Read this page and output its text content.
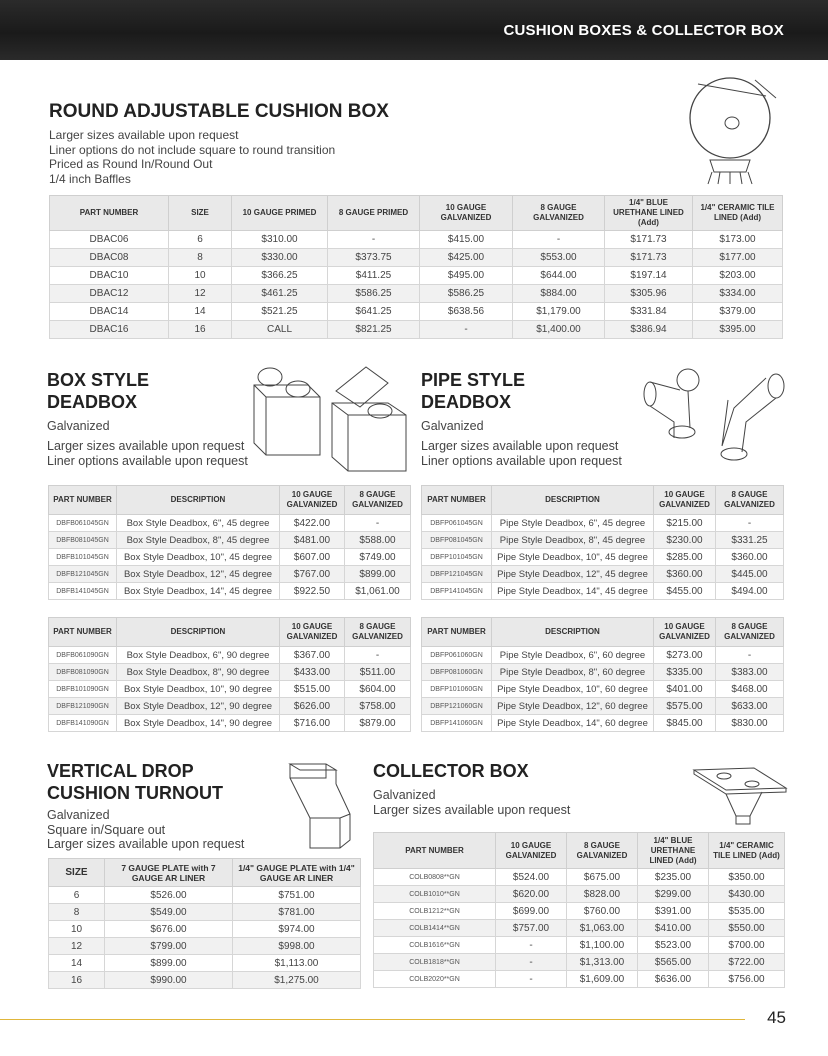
CUSHION BOXES & COLLECTOR BOX
ROUND ADJUSTABLE CUSHION BOX
Larger sizes available upon request
Liner options do not include square to round transition
Priced as Round In/Round Out
1/4 inch Baffles
PART NUMBER	SIZE	10 GAUGE PRIMED	8 GAUGE PRIMED	10 GAUGE GALVANIZED	8 GAUGE GALVANIZED	1/4" BLUE URETHANE LINED (Add)	1/4" CERAMIC TILE LINED (Add)
DBAC06	6	$310.00	-	$415.00	-	$171.73	$173.00
DBAC08	8	$330.00	$373.75	$425.00	$553.00	$171.73	$177.00
DBAC10	10	$366.25	$411.25	$495.00	$644.00	$197.14	$203.00
DBAC12	12	$461.25	$586.25	$586.25	$884.00	$305.96	$334.00
DBAC14	14	$521.25	$641.25	$638.56	$1,179.00	$331.84	$379.00
DBAC16	16	CALL	$821.25	-	$1,400.00	$386.94	$395.00
BOX STYLE
DEADBOX
Galvanized
Larger sizes available upon request
Liner options available upon request
PART NUMBER	DESCRIPTION	10 GAUGE GALVANIZED	8 GAUGE GALVANIZED
DBFB061045GN	Box Style Deadbox, 6", 45 degree	$422.00	-
DBFB081045GN	Box Style Deadbox, 8", 45 degree	$481.00	$588.00
DBFB101045GN	Box Style Deadbox, 10", 45 degree	$607.00	$749.00
DBFB121045GN	Box Style Deadbox, 12", 45 degree	$767.00	$899.00
DBFB141045GN	Box Style Deadbox, 14", 45 degree	$922.50	$1,061.00
PART NUMBER	DESCRIPTION	10 GAUGE GALVANIZED	8 GAUGE GALVANIZED
DBFB061090GN	Box Style Deadbox, 6", 90 degree	$367.00	-
DBFB081090GN	Box Style Deadbox, 8", 90 degree	$433.00	$511.00
DBFB101090GN	Box Style Deadbox, 10", 90 degree	$515.00	$604.00
DBFB121090GN	Box Style Deadbox, 12", 90 degree	$626.00	$758.00
DBFB141090GN	Box Style Deadbox, 14", 90 degree	$716.00	$879.00
PIPE STYLE
DEADBOX
Galvanized
Larger sizes available upon request
Liner options available upon request
PART NUMBER	DESCRIPTION	10 GAUGE GALVANIZED	8 GAUGE GALVANIZED
DBFP061045GN	Pipe Style Deadbox, 6", 45 degree	$215.00	-
DBFP081045GN	Pipe Style Deadbox, 8", 45 degree	$230.00	$331.25
DBFP101045GN	Pipe Style Deadbox, 10", 45 degree	$285.00	$360.00
DBFP121045GN	Pipe Style Deadbox, 12", 45 degree	$360.00	$445.00
DBFP141045GN	Pipe Style Deadbox, 14", 45 degree	$455.00	$494.00
PART NUMBER	DESCRIPTION	10 GAUGE GALVANIZED	8 GAUGE GALVANIZED
DBFP061060GN	Pipe Style Deadbox, 6", 60 degree	$273.00	-
DBFP081060GN	Pipe Style Deadbox, 8", 60 degree	$335.00	$383.00
DBFP101060GN	Pipe Style Deadbox, 10", 60 degree	$401.00	$468.00
DBFP121060GN	Pipe Style Deadbox, 12", 60 degree	$575.00	$633.00
DBFP141060GN	Pipe Style Deadbox, 14", 60 degree	$845.00	$830.00
VERTICAL DROP
CUSHION TURNOUT
Galvanized
Square in/Square out
Larger sizes available upon request
SIZE	7 GAUGE PLATE with 7 GAUGE AR LINER	1/4" GAUGE PLATE with 1/4" GAUGE AR LINER
6	$526.00	$751.00
8	$549.00	$781.00
10	$676.00	$974.00
12	$799.00	$998.00
14	$899.00	$1,113.00
16	$990.00	$1,275.00
COLLECTOR BOX
Galvanized
Larger sizes available upon request
PART NUMBER	10 GAUGE GALVANIZED	8 GAUGE GALVANIZED	1/4" BLUE URETHANE LINED (Add)	1/4" CERAMIC TILE LINED (Add)
COLB0808**GN	$524.00	$675.00	$235.00	$350.00
COLB1010**GN	$620.00	$828.00	$299.00	$430.00
COLB1212**GN	$699.00	$760.00	$391.00	$535.00
COLB1414**GN	$757.00	$1,063.00	$410.00	$550.00
COLB1616**GN	-	$1,100.00	$523.00	$700.00
COLB1818**GN	-	$1,313.00	$565.00	$722.00
COLB2020**GN	-	$1,609.00	$636.00	$756.00
45
